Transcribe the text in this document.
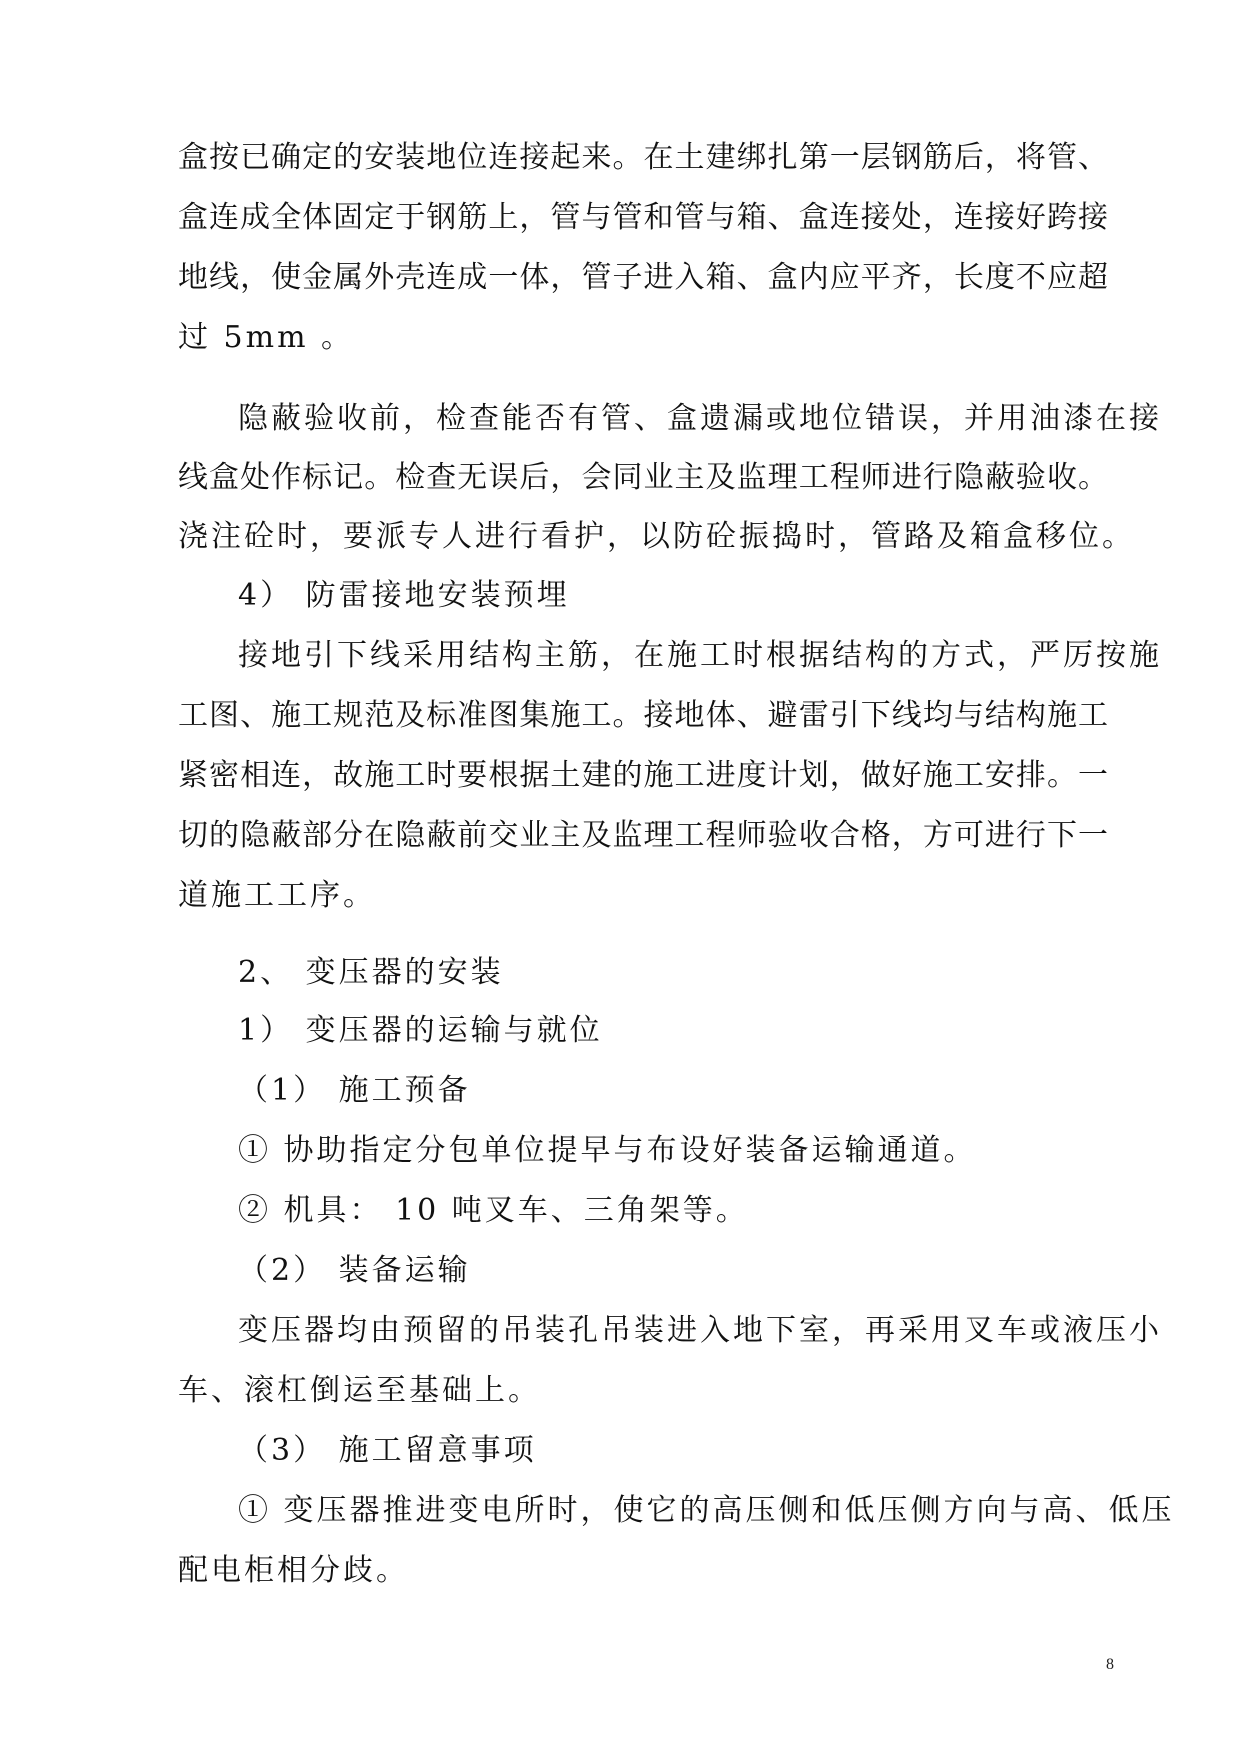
盒按已确定的安装地位连接起来。在土建绑扎第一层钢筋后，将管、
盒连成全体固定于钢筋上，管与管和管与箱、盒连接处，连接好跨接
地线，使金属外壳连成一体，管子进入箱、盒内应平齐，长度不应超
过 5mm 。
隐蔽验收前，检查能否有管、盒遗漏或地位错误，并用油漆在接
线盒处作标记。检查无误后，会同业主及监理工程师进行隐蔽验收。
浇注砼时，要派专人进行看护，以防砼振捣时，管路及箱盒移位。
4） 防雷接地安装预埋
接地引下线采用结构主筋，在施工时根据结构的方式，严厉按施
工图、施工规范及标准图集施工。接地体、避雷引下线均与结构施工
紧密相连，故施工时要根据土建的施工进度计划，做好施工安排。一
切的隐蔽部分在隐蔽前交业主及监理工程师验收合格，方可进行下一
道施工工序。
2、 变压器的安装
1） 变压器的运输与就位
（1） 施工预备
① 协助指定分包单位提早与布设好装备运输通道。
② 机具： 10 吨叉车、三角架等。
（2） 装备运输
变压器均由预留的吊装孔吊装进入地下室，再采用叉车或液压小
车、滚杠倒运至基础上。
（3） 施工留意事项
① 变压器推进变电所时，使它的高压侧和低压侧方向与高、低压
配电柜相分歧。
8
